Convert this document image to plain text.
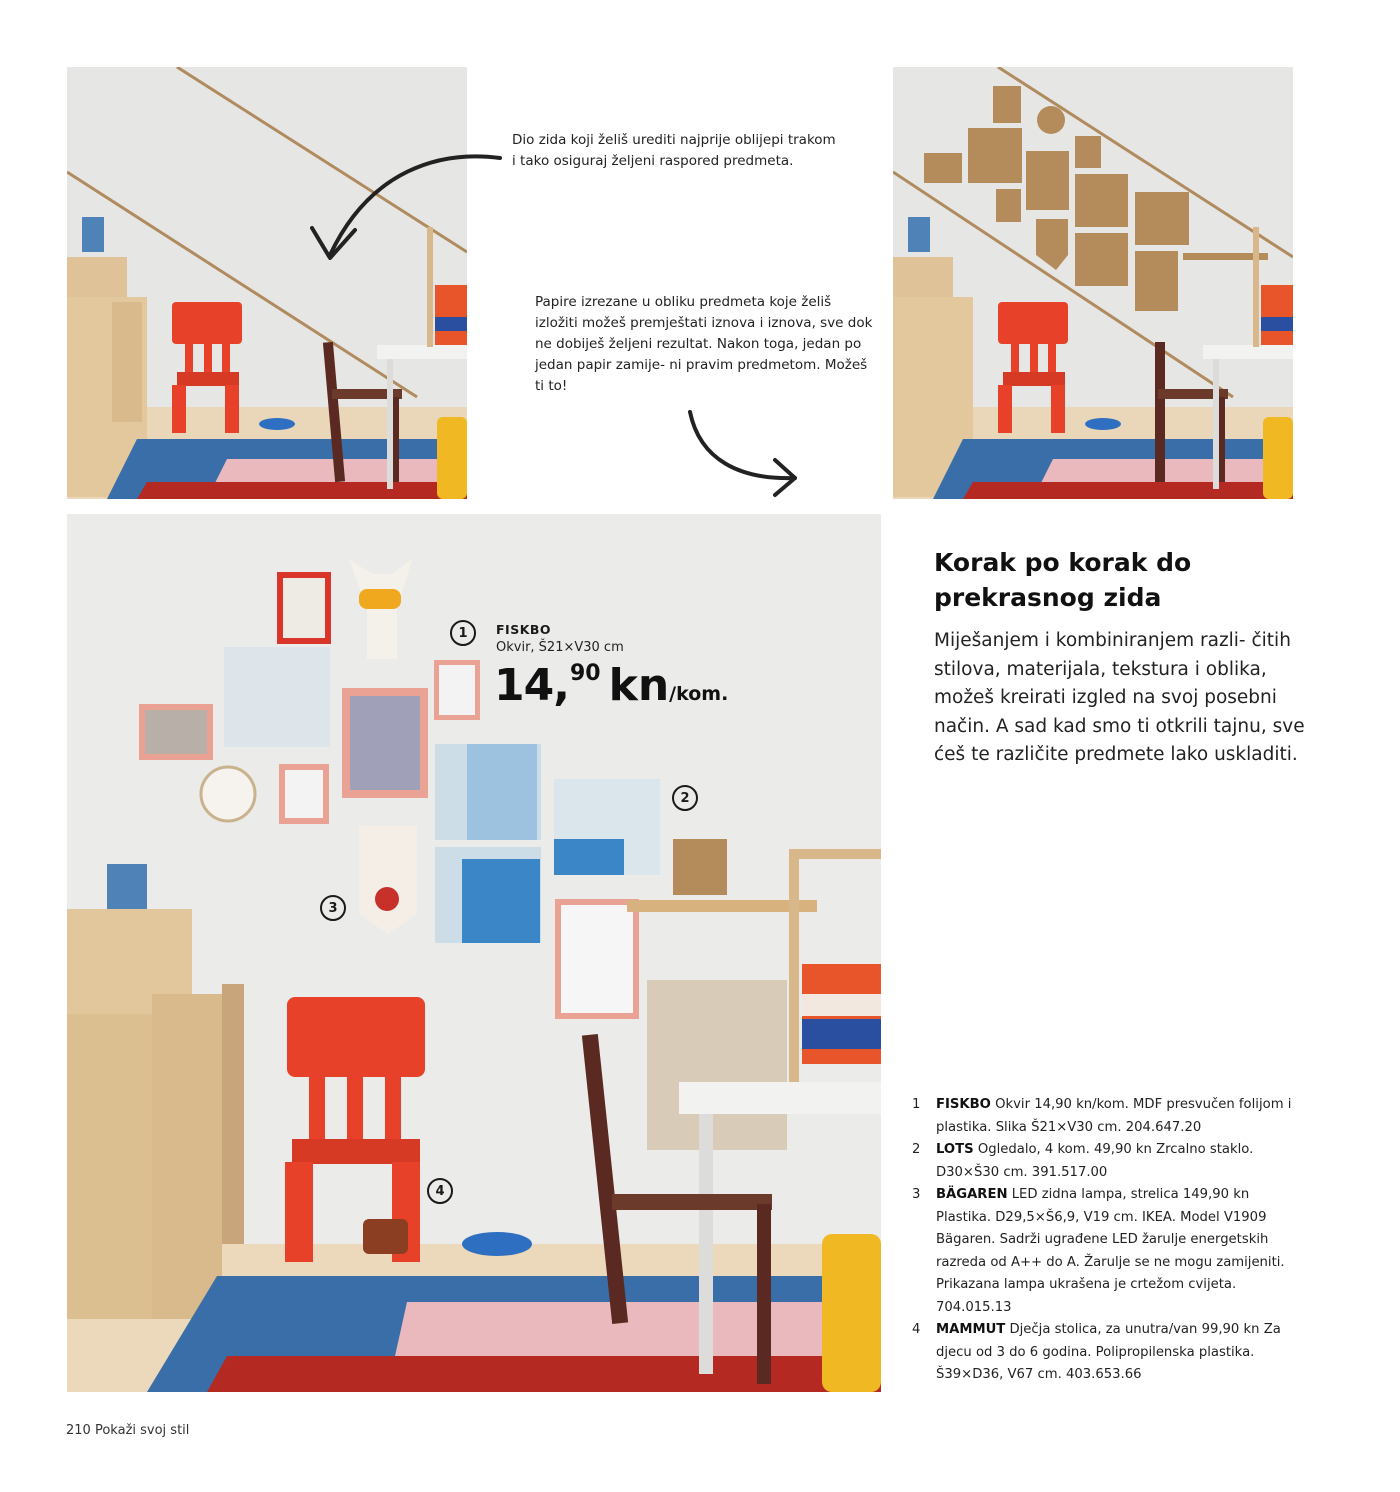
Dio zida koji želiš urediti najprije oblijepi trakom i tako osiguraj željeni raspored predmeta.
Papire izrezane u obliku predmeta koje želiš izložiti možeš premještati iznova i iznova, sve dok ne dobiješ željeni rezultat. Nakon toga, jedan po jedan papir zamije- ni pravim predmetom. Možeš ti to!
1	FISKBO
Okvir, Š21×V30 cm
14,90 kn/kom.
2
3
4
Korak po korak do prekrasnog zida

Miješanjem i kombiniranjem razli- čitih stilova, materijala, tekstura i oblika, možeš kreirati izgled na svoj posebni način. A sad kad smo ti otkrili tajnu, sve ćeš te različite predmete lako uskladiti.

1	FISKBO Okvir 14,90 kn/kom. MDF presvučen folijom i plastika. Slika Š21×V30 cm. 204.647.20
2	LOTS Ogledalo, 4 kom. 49,90 kn Zrcalno staklo. D30×Š30 cm. 391.517.00
3	BÄGAREN LED zidna lampa, strelica 149,90 kn Plastika. D29,5×Š6,9, V19 cm. IKEA. Model V1909 Bägaren. Sadrži ugrađene LED žarulje energetskih razreda od A++ do A. Žarulje se ne mogu zamijeniti. Prikazana lampa ukrašena je crtežom cvijeta. 704.015.13
4	MAMMUT Dječja stolica, za unutra/van 99,90 kn Za djecu od 3 do 6 godina. Polipropilenska plastika. Š39×D36, V67 cm. 403.653.66
210 Pokaži svoj stil
